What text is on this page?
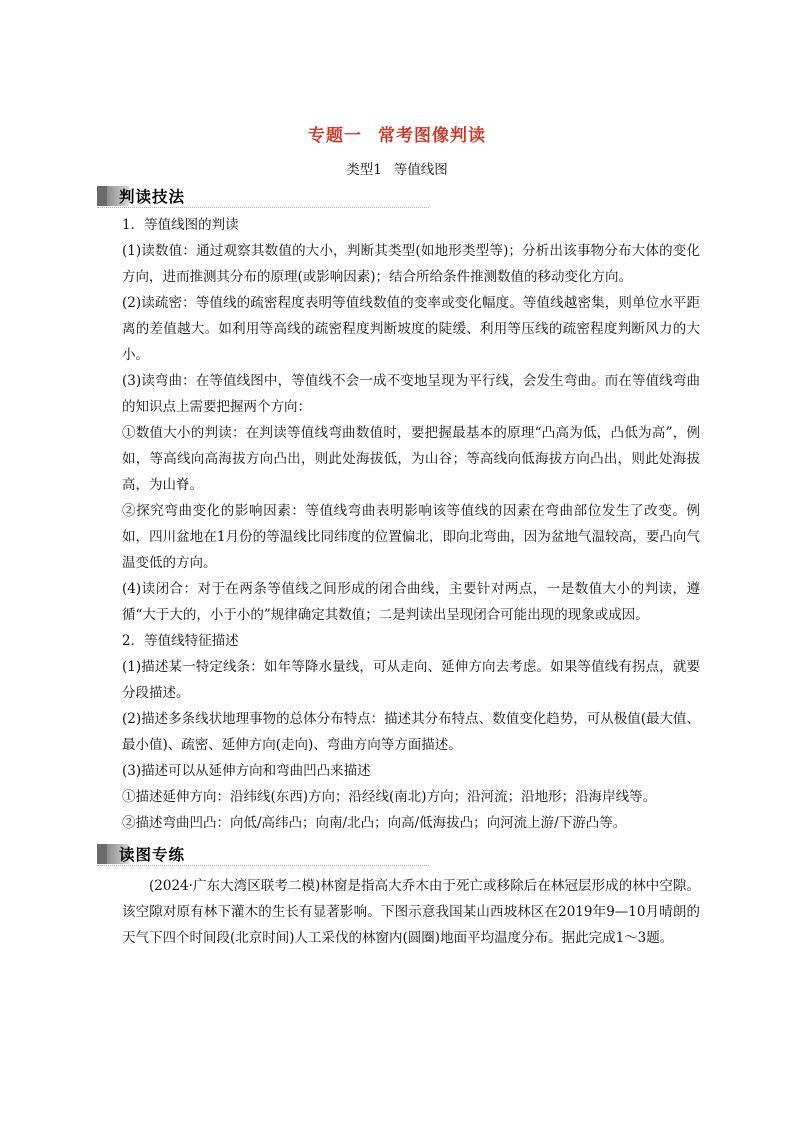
专题一 常考图像判读
类型1 等值线图
判读技法

1．等值线图的判读

(1)读数值：通过观察其数值的大小，判断其类型(如地形类型等)；分析出该事物分布大体的变化方向，进而推测其分布的原理(或影响因素)；结合所给条件推测数值的移动变化方向。

(2)读疏密：等值线的疏密程度表明等值线数值的变率或变化幅度。等值线越密集，则单位水平距离的差值越大。如利用等高线的疏密程度判断坡度的陡缓、利用等压线的疏密程度判断风力的大小。

(3)读弯曲：在等值线图中，等值线不会一成不变地呈现为平行线，会发生弯曲。而在等值线弯曲的知识点上需要把握两个方向：

①数值大小的判读：在判读等值线弯曲数值时，要把握最基本的原理“凸高为低，凸低为高”，例如，等高线向高海拔方向凸出，则此处海拔低，为山谷；等高线向低海拔方向凸出，则此处海拔高，为山脊。

②探究弯曲变化的影响因素：等值线弯曲表明影响该等值线的因素在弯曲部位发生了改变。例如，四川盆地在1月份的等温线比同纬度的位置偏北，即向北弯曲，因为盆地气温较高，要凸向气温变低的方向。

(4)读闭合：对于在两条等值线之间形成的闭合曲线，主要针对两点，一是数值大小的判读，遵循“大于大的，小于小的”规律确定其数值；二是判读出呈现闭合可能出现的现象或成因。

2．等值线特征描述

(1)描述某一特定线条：如年等降水量线，可从走向、延伸方向去考虑。如果等值线有拐点，就要分段描述。

(2)描述多条线状地理事物的总体分布特点：描述其分布特点、数值变化趋势，可从极值(最大值、最小值)、疏密、延伸方向(走向)、弯曲方向等方面描述。

(3)描述可以从延伸方向和弯曲凹凸来描述

①描述延伸方向：沿纬线(东西)方向；沿经线(南北)方向；沿河流；沿地形；沿海岸线等。

②描述弯曲凹凸：向低/高纬凸；向南/北凸；向高/低海拔凸；向河流上游/下游凸等。

读图专练

(2024·广东大湾区联考二模)林窗是指高大乔木由于死亡或移除后在林冠层形成的林中空隙。该空隙对原有林下灌木的生长有显著影响。下图示意我国某山西坡林区在2019年9—10月晴朗的天气下四个时间段(北京时间)人工采伐的林窗内(圆圈)地面平均温度分布。据此完成1～3题。
